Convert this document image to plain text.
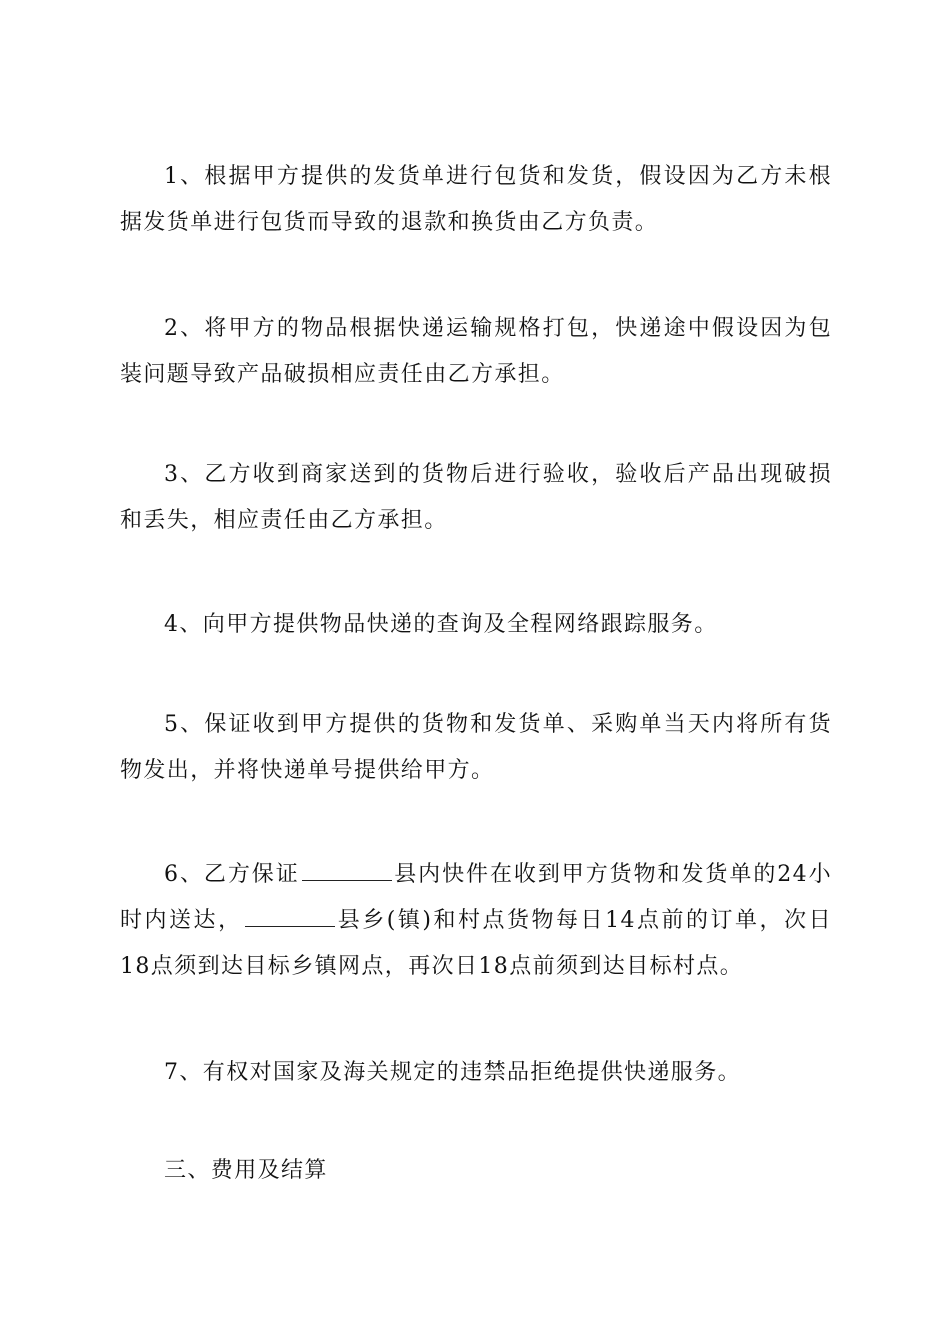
1、根据甲方提供的发货单进行包货和发货，假设因为乙方未根据发货单进行包货而导致的退款和换货由乙方负责。

2、将甲方的物品根据快递运输规格打包，快递途中假设因为包装问题导致产品破损相应责任由乙方承担。

3、乙方收到商家送到的货物后进行验收，验收后产品出现破损和丢失，相应责任由乙方承担。

4、向甲方提供物品快递的查询及全程网络跟踪服务。

5、保证收到甲方提供的货物和发货单、采购单当天内将所有货物发出，并将快递单号提供给甲方。

6、乙方保证	县内快件在收到甲方货物和发货单的24小时内送达，	县乡(镇)和村点货物每日14点前的订单，次日18点须到达目标乡镇网点，再次日18点前须到达目标村点。

7、有权对国家及海关规定的违禁品拒绝提供快递服务。

三、费用及结算
